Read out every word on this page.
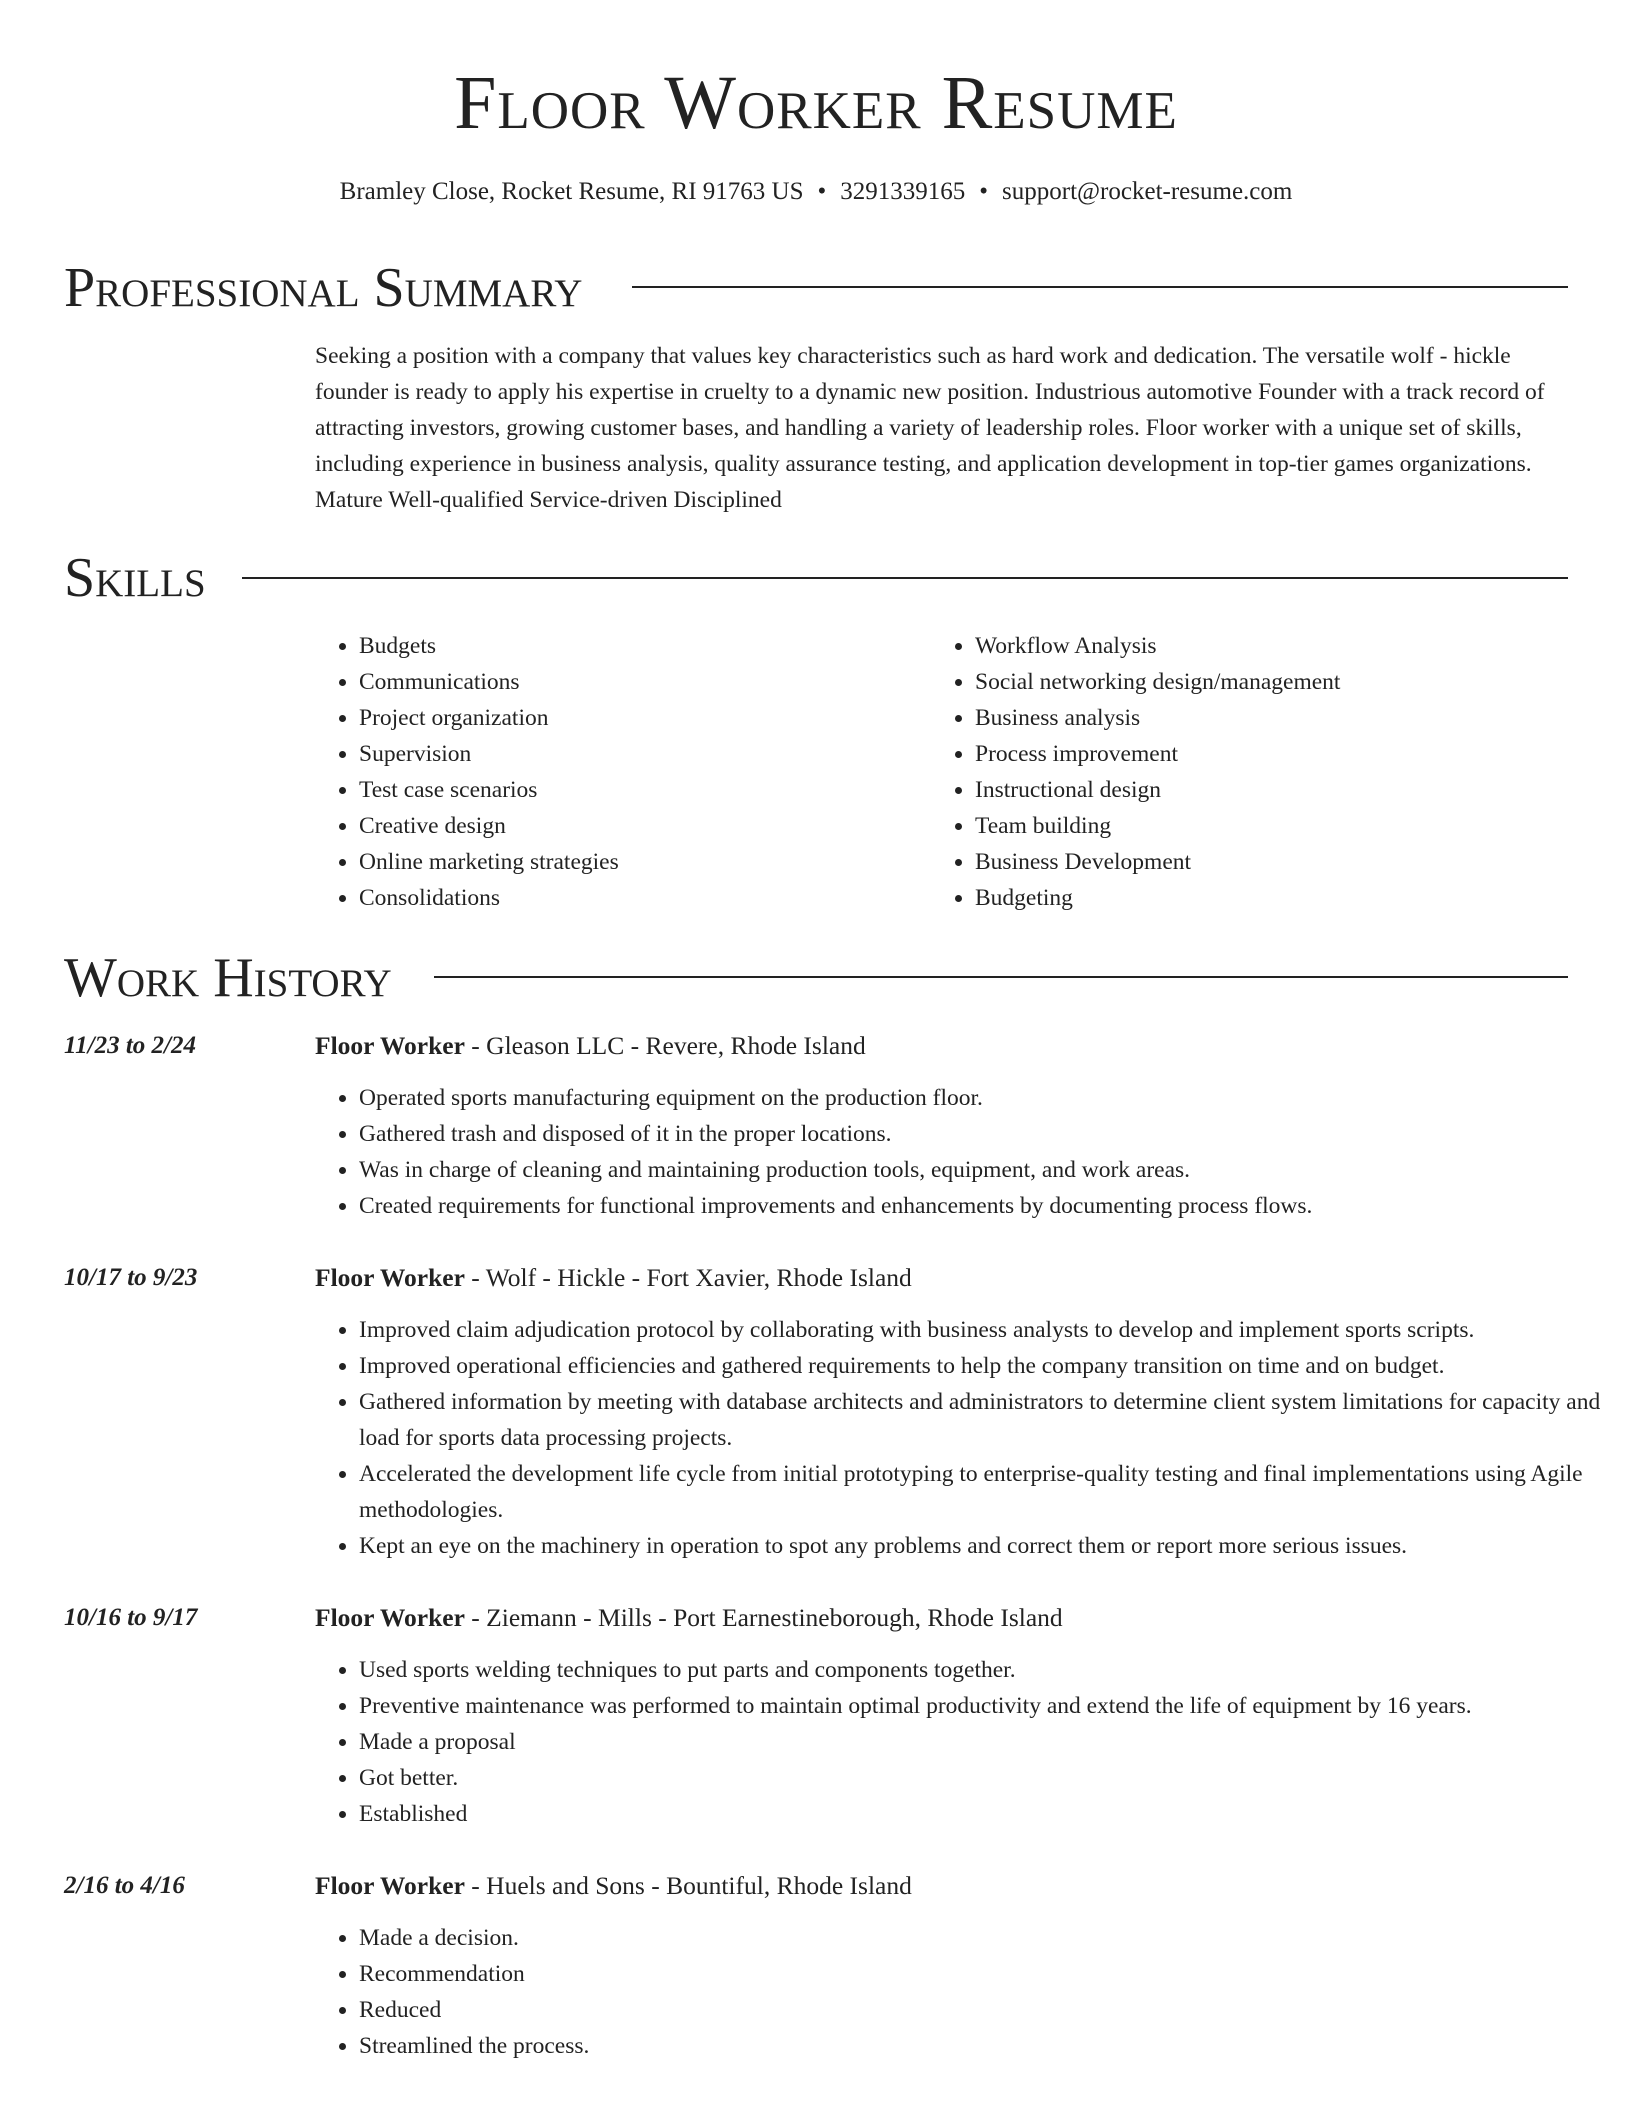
Floor Worker Resume
Bramley Close, Rocket Resume, RI 91763 US • 3291339165 • support@rocket-resume.com
Professional Summary

Seeking a position with a company that values key characteristics such as hard work and dedication. The versatile wolf - hickle founder is ready to apply his expertise in cruelty to a dynamic new position. Industrious automotive Founder with a track record of attracting investors, growing customer bases, and handling a variety of leadership roles. Floor worker with a unique set of skills, including experience in business analysis, quality assurance testing, and application development in top-tier games organizations. Mature Well-qualified Service-driven Disciplined

Skills
• Budgets
• Communications
• Project organization
• Supervision
• Test case scenarios
• Creative design
• Online marketing strategies
• Consolidations
• Workflow Analysis
• Social networking design/management
• Business analysis
• Process improvement
• Instructional design
• Team building
• Business Development
• Budgeting
Work History
11/23 to 2/24	Floor Worker - Gleason LLC - Revere, Rhode Island
• Operated sports manufacturing equipment on the production floor.
• Gathered trash and disposed of it in the proper locations.
• Was in charge of cleaning and maintaining production tools, equipment, and work areas.
• Created requirements for functional improvements and enhancements by documenting process flows.
10/17 to 9/23	Floor Worker - Wolf - Hickle - Fort Xavier, Rhode Island
• Improved claim adjudication protocol by collaborating with business analysts to develop and implement sports scripts.
• Improved operational efficiencies and gathered requirements to help the company transition on time and on budget.
• Gathered information by meeting with database architects and administrators to determine client system limitations for capacity and load for sports data processing projects.
• Accelerated the development life cycle from initial prototyping to enterprise-quality testing and final implementations using Agile methodologies.
• Kept an eye on the machinery in operation to spot any problems and correct them or report more serious issues.
10/16 to 9/17	Floor Worker - Ziemann - Mills - Port Earnestineborough, Rhode Island
• Used sports welding techniques to put parts and components together.
• Preventive maintenance was performed to maintain optimal productivity and extend the life of equipment by 16 years.
• Made a proposal
• Got better.
• Established
2/16 to 4/16	Floor Worker - Huels and Sons - Bountiful, Rhode Island
• Made a decision.
• Recommendation
• Reduced
• Streamlined the process.
